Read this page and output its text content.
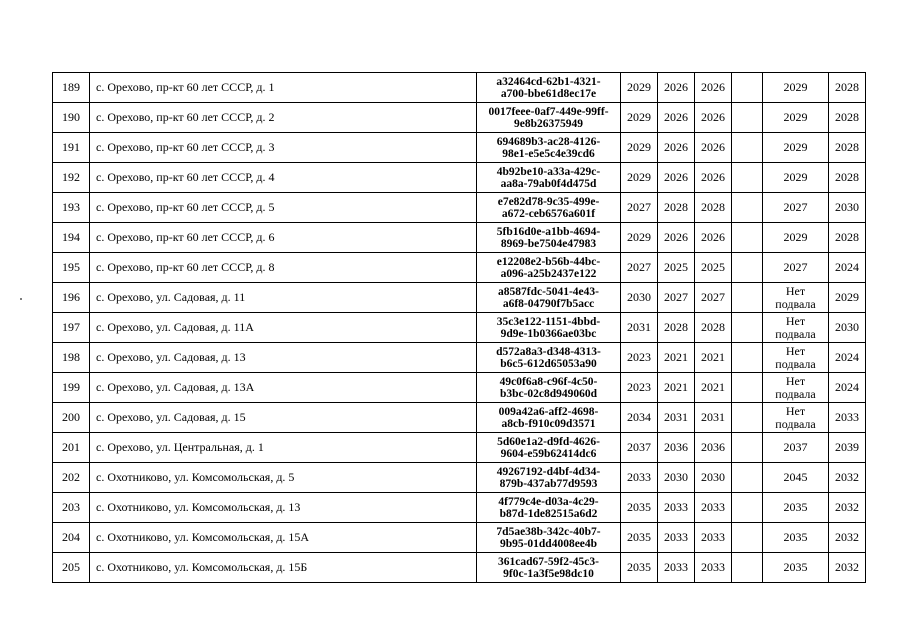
189	с. Орехово, пр-кт 60 лет СССР, д. 1	a32464cd-62b1-4321-
a700-bbe61d8ec17e	2029	2026	2026		2029	2028
190	с. Орехово, пр-кт 60 лет СССР, д. 2	0017feee-0af7-449e-99ff-
9e8b26375949	2029	2026	2026		2029	2028
191	с. Орехово, пр-кт 60 лет СССР, д. 3	694689b3-ac28-4126-
98e1-e5e5c4e39cd6	2029	2026	2026		2029	2028
192	с. Орехово, пр-кт 60 лет СССР, д. 4	4b92be10-a33a-429c-
aa8a-79ab0f4d475d	2029	2026	2026		2029	2028
193	с. Орехово, пр-кт 60 лет СССР, д. 5	e7e82d78-9c35-499e-
a672-ceb6576a601f	2027	2028	2028		2027	2030
194	с. Орехово, пр-кт 60 лет СССР, д. 6	5fb16d0e-a1bb-4694-
8969-be7504e47983	2029	2026	2026		2029	2028
195	с. Орехово, пр-кт 60 лет СССР, д. 8	e12208e2-b56b-44bc-
a096-a25b2437e122	2027	2025	2025		2027	2024
196	с. Орехово, ул. Садовая, д. 11	a8587fdc-5041-4e43-
a6f8-04790f7b5acc	2030	2027	2027		Нет
подвала	2029
197	с. Орехово, ул. Садовая, д. 11А	35c3e122-1151-4bbd-
9d9e-1b0366ae03bc	2031	2028	2028		Нет
подвала	2030
198	с. Орехово, ул. Садовая, д. 13	d572a8a3-d348-4313-
b6c5-612d65053a90	2023	2021	2021		Нет
подвала	2024
199	с. Орехово, ул. Садовая, д. 13А	49c0f6a8-c96f-4c50-
b3bc-02c8d949060d	2023	2021	2021		Нет
подвала	2024
200	с. Орехово, ул. Садовая, д. 15	009a42a6-aff2-4698-
a8cb-f910c09d3571	2034	2031	2031		Нет
подвала	2033
201	с. Орехово, ул. Центральная, д. 1	5d60e1a2-d9fd-4626-
9604-e59b62414dc6	2037	2036	2036		2037	2039
202	с. Охотниково, ул. Комсомольская, д. 5	49267192-d4bf-4d34-
879b-437ab77d9593	2033	2030	2030		2045	2032
203	с. Охотниково, ул. Комсомольская, д. 13	4f779c4e-d03a-4c29-
b87d-1de82515a6d2	2035	2033	2033		2035	2032
204	с. Охотниково, ул. Комсомольская, д. 15А	7d5ae38b-342c-40b7-
9b95-01dd4008ee4b	2035	2033	2033		2035	2032
205	с. Охотниково, ул. Комсомольская, д. 15Б	361cad67-59f2-45c3-
9f0c-1a3f5e98dc10	2035	2033	2033		2035	2032
